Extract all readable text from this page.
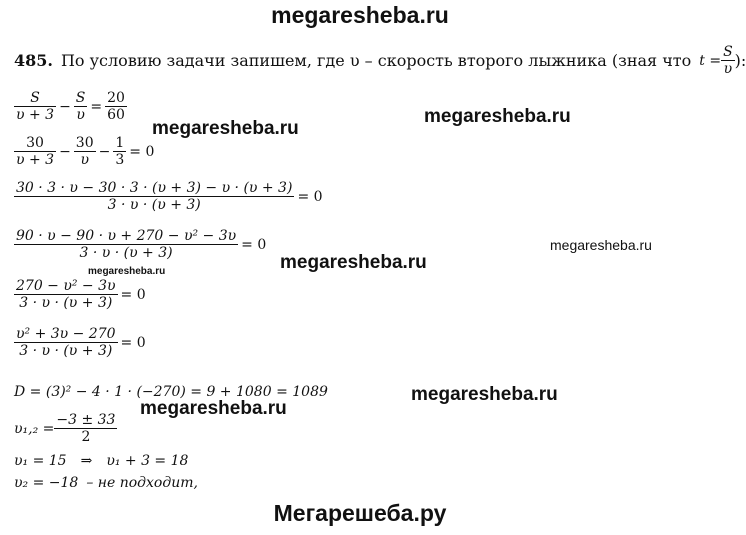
megaresheba.ru
485. По условию задачи запишем, где υ – скорость второго лыжника (зная что $t = \frac{S}{\upsilon}$ ):
$\frac{S}{\upsilon + 3} - \frac{S}{\upsilon} = \frac{20}{60}$
$\frac{30}{\upsilon + 3} - \frac{30}{\upsilon} - \frac{1}{3} = 0$
$\frac{30 \cdot 3 \cdot \upsilon - 30 \cdot 3 \cdot (\upsilon + 3) - \upsilon \cdot (\upsilon + 3)}{3 \cdot \upsilon \cdot (\upsilon + 3)} = 0$
$\frac{\text{90 · υ − 90 · υ + 270 − υ² − 3υ}}{3 \cdot \upsilon \cdot (\upsilon + 3)} = 0$
$\frac{\text{270 − υ² − 3υ}}{3 \cdot \upsilon \cdot (\upsilon + 3)} = 0$
$\frac{\text{υ² + 3υ − 270}}{3 \cdot \upsilon \cdot (\upsilon + 3)} = 0$
D = (3)² − 4 · 1 · (−270) = 9 + 1080 = 1089
$\upsilon_1,_2 = \frac{-3 \pm 33}{2}$
υ₁ = 15 ⇒ υ₁ + 3 = 18
υ₂ = −18 – не подходит,
megaresheba.ru
megaresheba.ru
megaresheba.ru
megaresheba.ru
megaresheba.ru
megaresheba.ru
megaresheba.ru
Мегарешеба.ру
